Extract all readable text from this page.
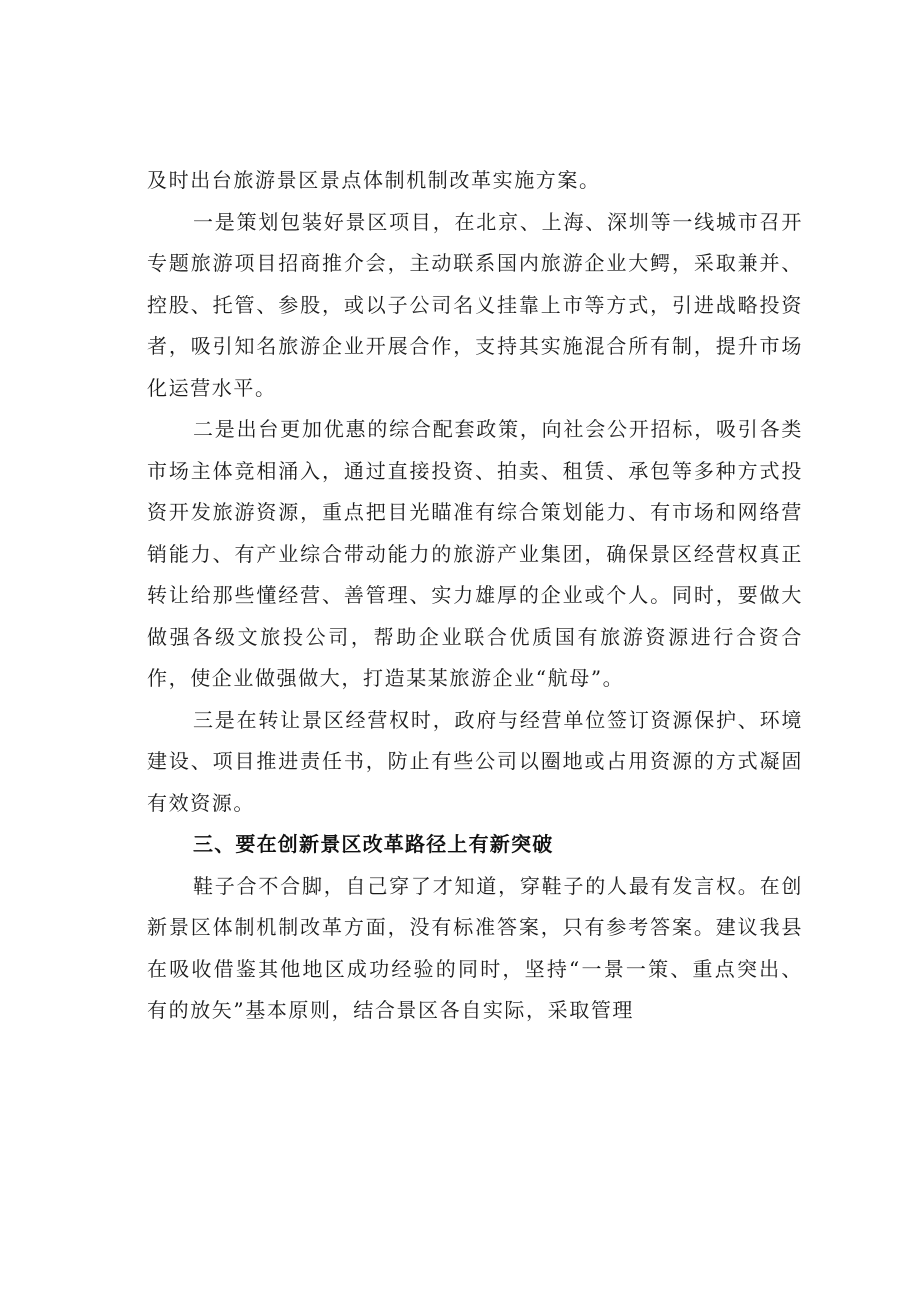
及时出台旅游景区景点体制机制改革实施方案。

一是策划包装好景区项目，在北京、上海、深圳等一线城市召开专题旅游项目招商推介会，主动联系国内旅游企业大鳄，采取兼并、控股、托管、参股，或以子公司名义挂靠上市等方式，引进战略投资者，吸引知名旅游企业开展合作，支持其实施混合所有制，提升市场化运营水平。

二是出台更加优惠的综合配套政策，向社会公开招标，吸引各类市场主体竞相涌入，通过直接投资、拍卖、租赁、承包等多种方式投资开发旅游资源，重点把目光瞄准有综合策划能力、有市场和网络营销能力、有产业综合带动能力的旅游产业集团，确保景区经营权真正转让给那些懂经营、善管理、实力雄厚的企业或个人。同时，要做大做强各级文旅投公司，帮助企业联合优质国有旅游资源进行合资合作，使企业做强做大，打造某某旅游企业“航母”。

三是在转让景区经营权时，政府与经营单位签订资源保护、环境建设、项目推进责任书，防止有些公司以圈地或占用资源的方式凝固有效资源。

三、要在创新景区改革路径上有新突破

鞋子合不合脚，自己穿了才知道，穿鞋子的人最有发言权。在创新景区体制机制改革方面，没有标准答案，只有参考答案。建议我县在吸收借鉴其他地区成功经验的同时，坚持“一景一策、重点突出、有的放矢”基本原则，结合景区各自实际，采取管理
